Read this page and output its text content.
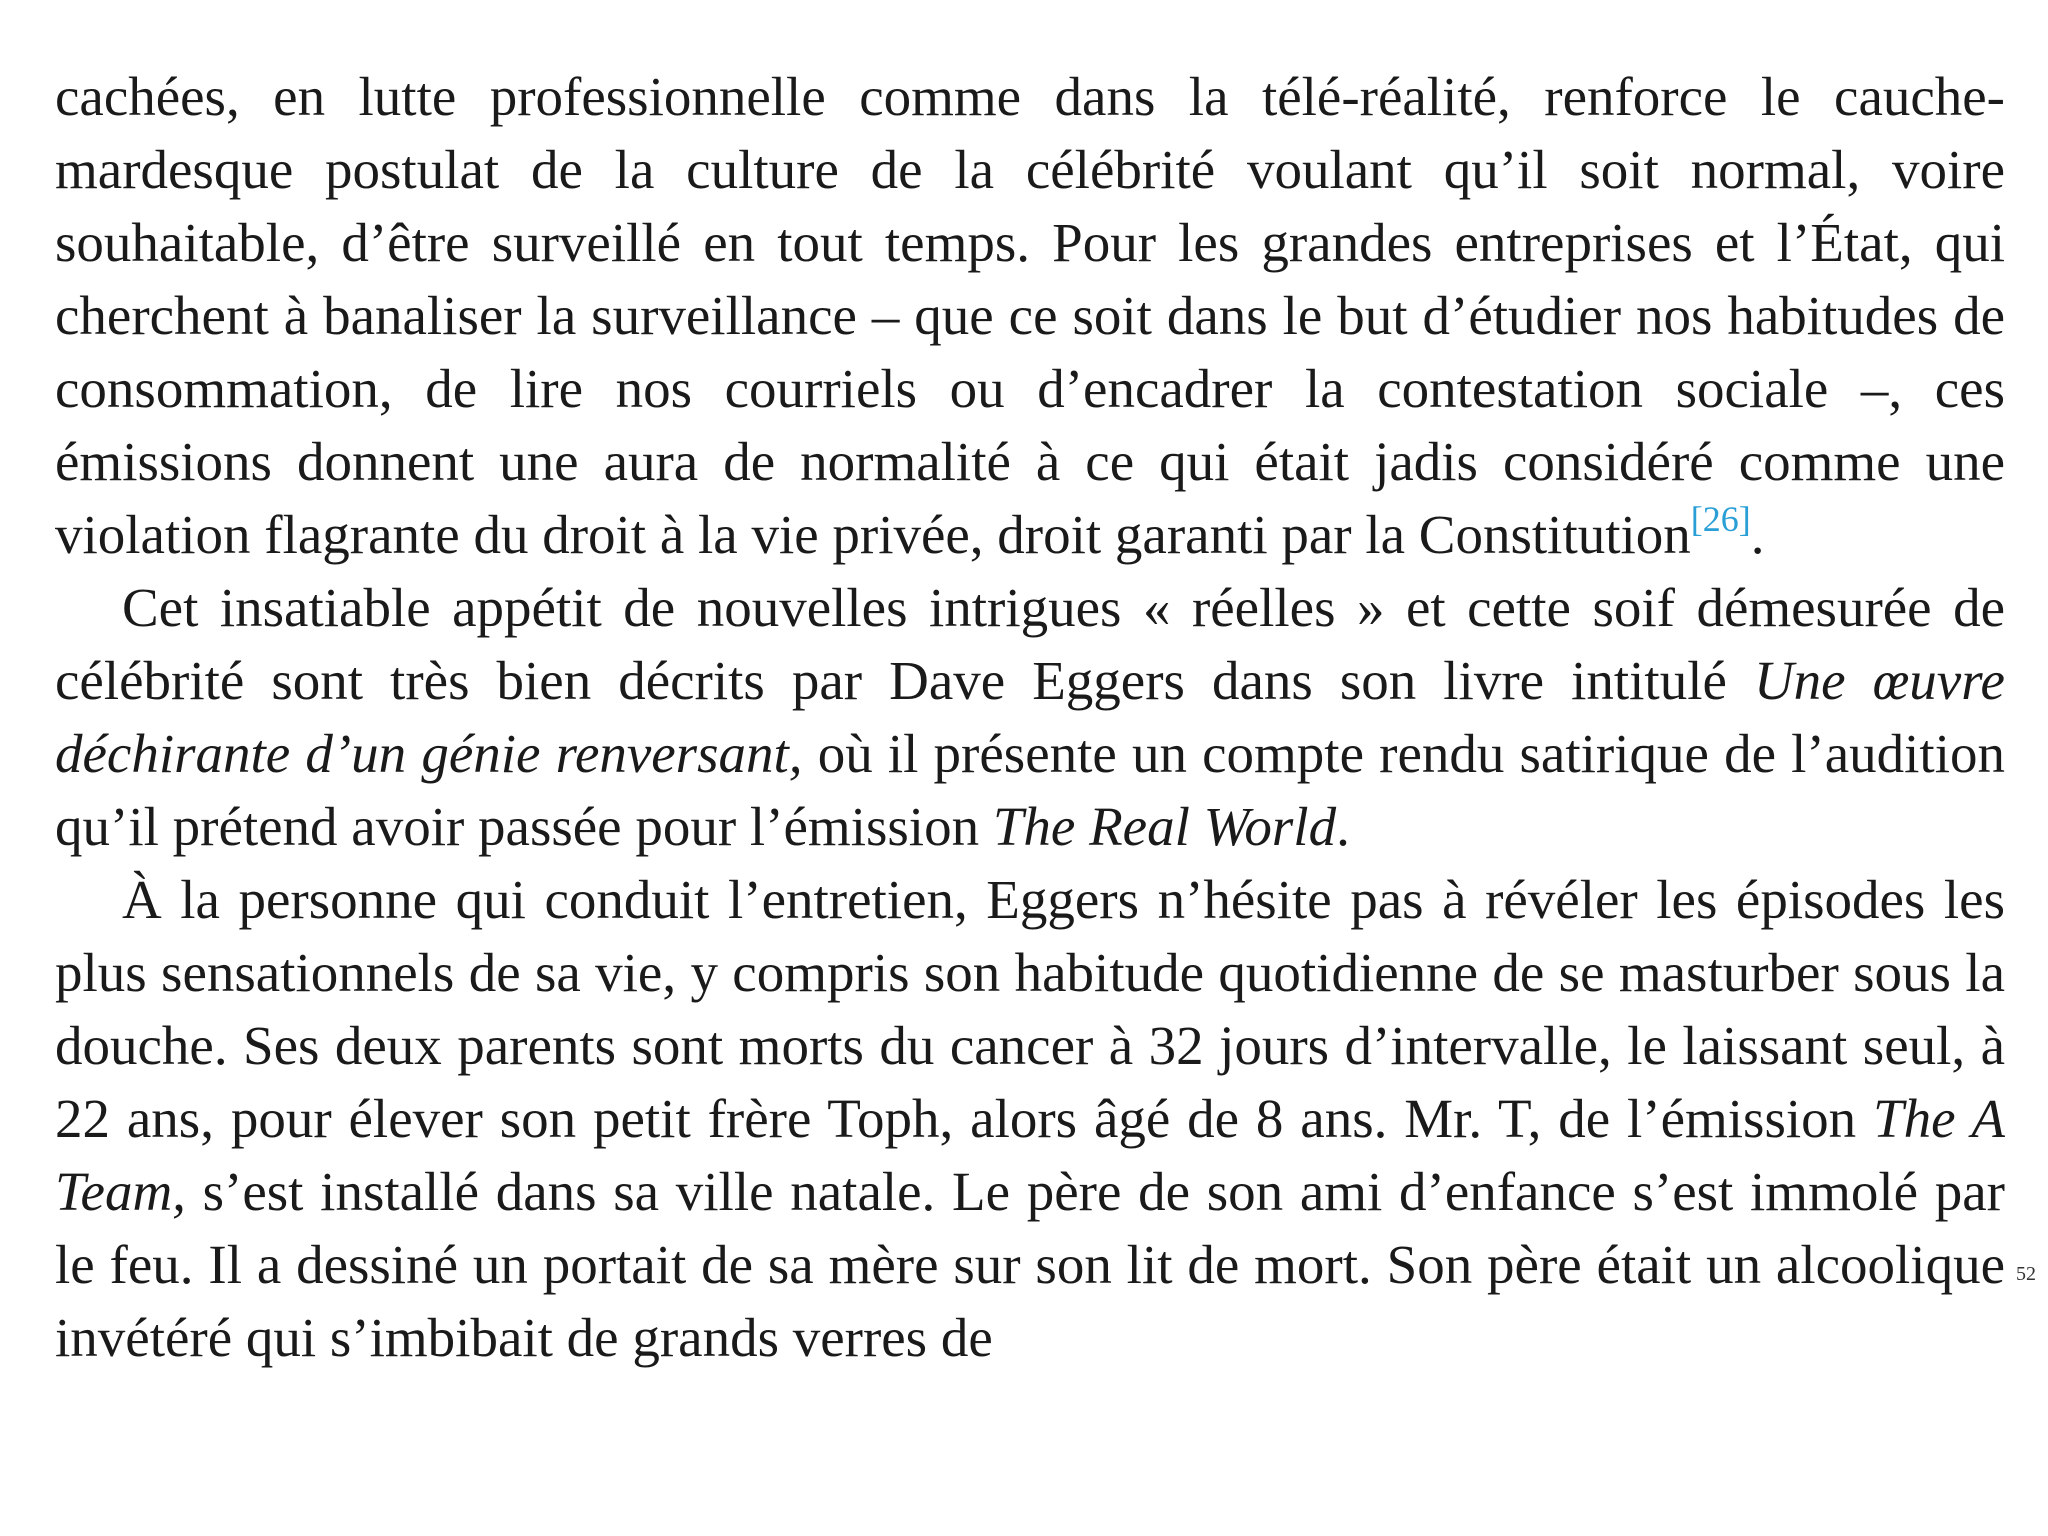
cachées, en lutte professionnelle comme dans la télé-réalité, renforce le cauche-mardesque postulat de la culture de la célébrité voulant qu’il soit normal, voire souhaitable, d’être surveillé en tout temps. Pour les grandes entreprises et l’État, qui cherchent à banaliser la surveillance – que ce soit dans le but d’étudier nos habitudes de consommation, de lire nos courriels ou d’encadrer la contestation sociale –, ces émissions donnent une aura de normalité à ce qui était jadis considéré comme une violation flagrante du droit à la vie privée, droit garanti par la Constitution[26].

Cet insatiable appétit de nouvelles intrigues « réelles » et cette soif démesurée de célébrité sont très bien décrits par Dave Eggers dans son livre intitulé Une œuvre déchirante d’un génie renversant, où il présente un compte rendu satirique de l’audition qu’il prétend avoir passée pour l’émission The Real World.

À la personne qui conduit l’entretien, Eggers n’hésite pas à révéler les épisodes les plus sensationnels de sa vie, y compris son habitude quotidienne de se masturber sous la douche. Ses deux parents sont morts du cancer à 32 jours d’intervalle, le laissant seul, à 22 ans, pour élever son petit frère Toph, alors âgé de 8 ans. Mr. T, de l’émission The A Team, s’est installé dans sa ville natale. Le père de son ami d’enfance s’est immolé par le feu. Il a dessiné un portait de sa mère sur son lit de mort. Son père était un alcoolique invétéré qui s’imbibait de grands verres de

52
